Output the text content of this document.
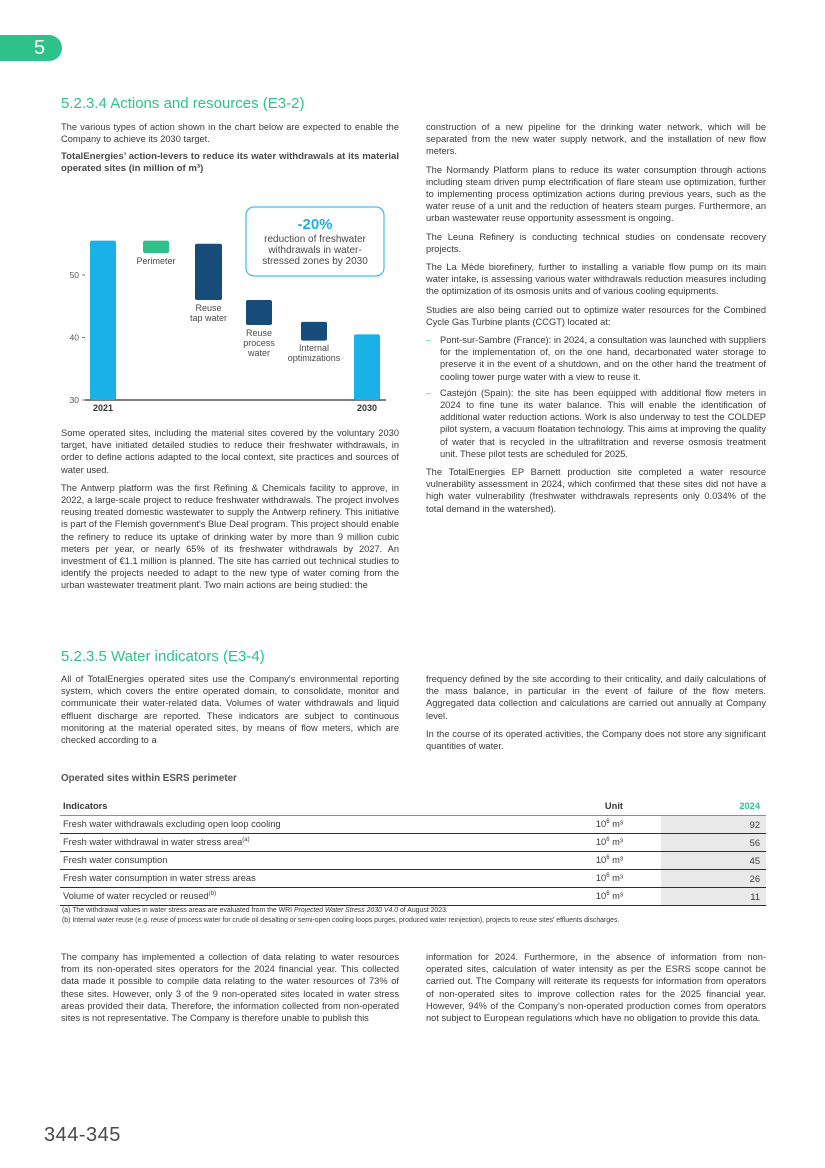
5
5.2.3.4 Actions and resources (E3-2)

The various types of action shown in the chart below are expected to enable the Company to achieve its 2030 target.

TotalEnergies’ action-levers to reduce its water withdrawals at its material operated sites (in million of m³)
30
40
50
2021
Perimeter
Reuse
tap water
Reuse
process
water	Internal
optimizations
2030
-20%
reduction of freshwater
withdrawals in water-
stressed zones by 2030

Some operated sites, including the material sites covered by the voluntary 2030 target, have initiated detailed studies to reduce their freshwater withdrawals, in order to define actions adapted to the local context, site practices and sources of water used.

The Antwerp platform was the first Refining & Chemicals facility to approve, in 2022, a large-scale project to reduce freshwater withdrawals. The project involves reusing treated domestic wastewater to supply the Antwerp refinery. This initiative is part of the Flemish government's Blue Deal program. This project should enable the refinery to reduce its uptake of drinking water by more than 9 million cubic meters per year, or nearly 65% of its freshwater withdrawals by 2027. An investment of €1.1 million is planned. The site has carried out technical studies to identify the projects needed to adapt to the new type of water coming from the urban wastewater treatment plant. Two main actions are being studied: the

construction of a new pipeline for the drinking water network, which will be separated from the new water supply network, and the installation of new flow meters.

The Normandy Platform plans to reduce its water consumption through actions including steam driven pump electrification of flare steam use optimization, further to implementing process optimization actions during previous years, such as the water reuse of a unit and the reduction of heaters steam purges. Furthermore, an urban wastewater reuse opportunity assessment is ongoing.

The Leuna Refinery is conducting technical studies on condensate recovery projects.

The La Mède biorefinery, further to installing a variable flow pump on its main water intake, is assessing various water withdrawals reduction measures including the optimization of its osmosis units and of various cooling equipments.

Studies are also being carried out to optimize water resources for the Combined Cycle Gas Turbine plants (CCGT) located at:

– Pont-sur-Sambre (France): in 2024, a consultation was launched with suppliers for the implementation of, on the one hand, decarbonated water storage to preserve it in the event of a shutdown, and on the other hand the treatment of cooling tower purge water with a view to reuse it.
– Castejón (Spain): the site has been equipped with additional flow meters in 2024 to fine tune its water balance. This will enable the identification of additional water reduction actions. Work is also underway to test the COLDEP pilot system, a vacuum floatation technology. This aims at improving the quality of water that is recycled in the ultrafiltration and reverse osmosis treatment unit. These pilot tests are scheduled for 2025.

The TotalEnergies EP Barnett production site completed a water resource vulnerability assessment in 2024, which confirmed that these sites did not have a high water vulnerability (freshwater withdrawals represents only 0.034% of the total demand in the watershed).

5.2.3.5 Water indicators (E3-4)

All of TotalEnergies operated sites use the Company's environmental reporting system, which covers the entire operated domain, to consolidate, monitor and communicate their water-related data. Volumes of water withdrawals and liquid effluent discharge are reported. These indicators are subject to continuous monitoring at the material operated sites, by means of flow meters, which are checked according to a

frequency defined by the site according to their criticality, and daily calculations of the mass balance, in particular in the event of failure of the flow meters. Aggregated data collection and calculations are carried out annually at Company level.

In the course of its operated activities, the Company does not store any significant quantities of water.

Operated sites within ESRS perimeter
Indicators	Unit	2024
Fresh water withdrawals excluding open loop cooling	$10^6$ m³	92
Fresh water withdrawal in water stress area$^{(a)}$	$10^6$ m³	56
Fresh water consumption	$10^6$ m³	45
Fresh water consumption in water stress areas	$10^6$ m³	26
Volume of water recycled or reused$^{(b)}$	$10^6$ m³	11
(a) The withdrawal values in water stress areas are evaluated from the WRI Projected Water Stress 2030 V4.0 of August 2023.
(b) Internal water reuse (e.g. reuse of process water for crude oil desalting or semi-open cooling loops purges, produced water reinjection), projects to reuse sites' effluents discharges.

The company has implemented a collection of data relating to water resources from its non-operated sites operators for the 2024 financial year. This collected data made it possible to compile data relating to the water resources of 73% of these sites. However, only 3 of the 9 non-operated sites located in water stress areas provided their data. Therefore, the information collected from non-operated sites is not representative. The Company is therefore unable to publish this

information for 2024. Furthermore, in the absence of information from non-operated sites, calculation of water intensity as per the ESRS scope cannot be carried out. The Company will reiterate its requests for information from operators of non-operated sites to improve collection rates for the 2025 financial year. However, 94% of the Company's non-operated production comes from operators not subject to European regulations which have no obligation to provide this data.

344-345
